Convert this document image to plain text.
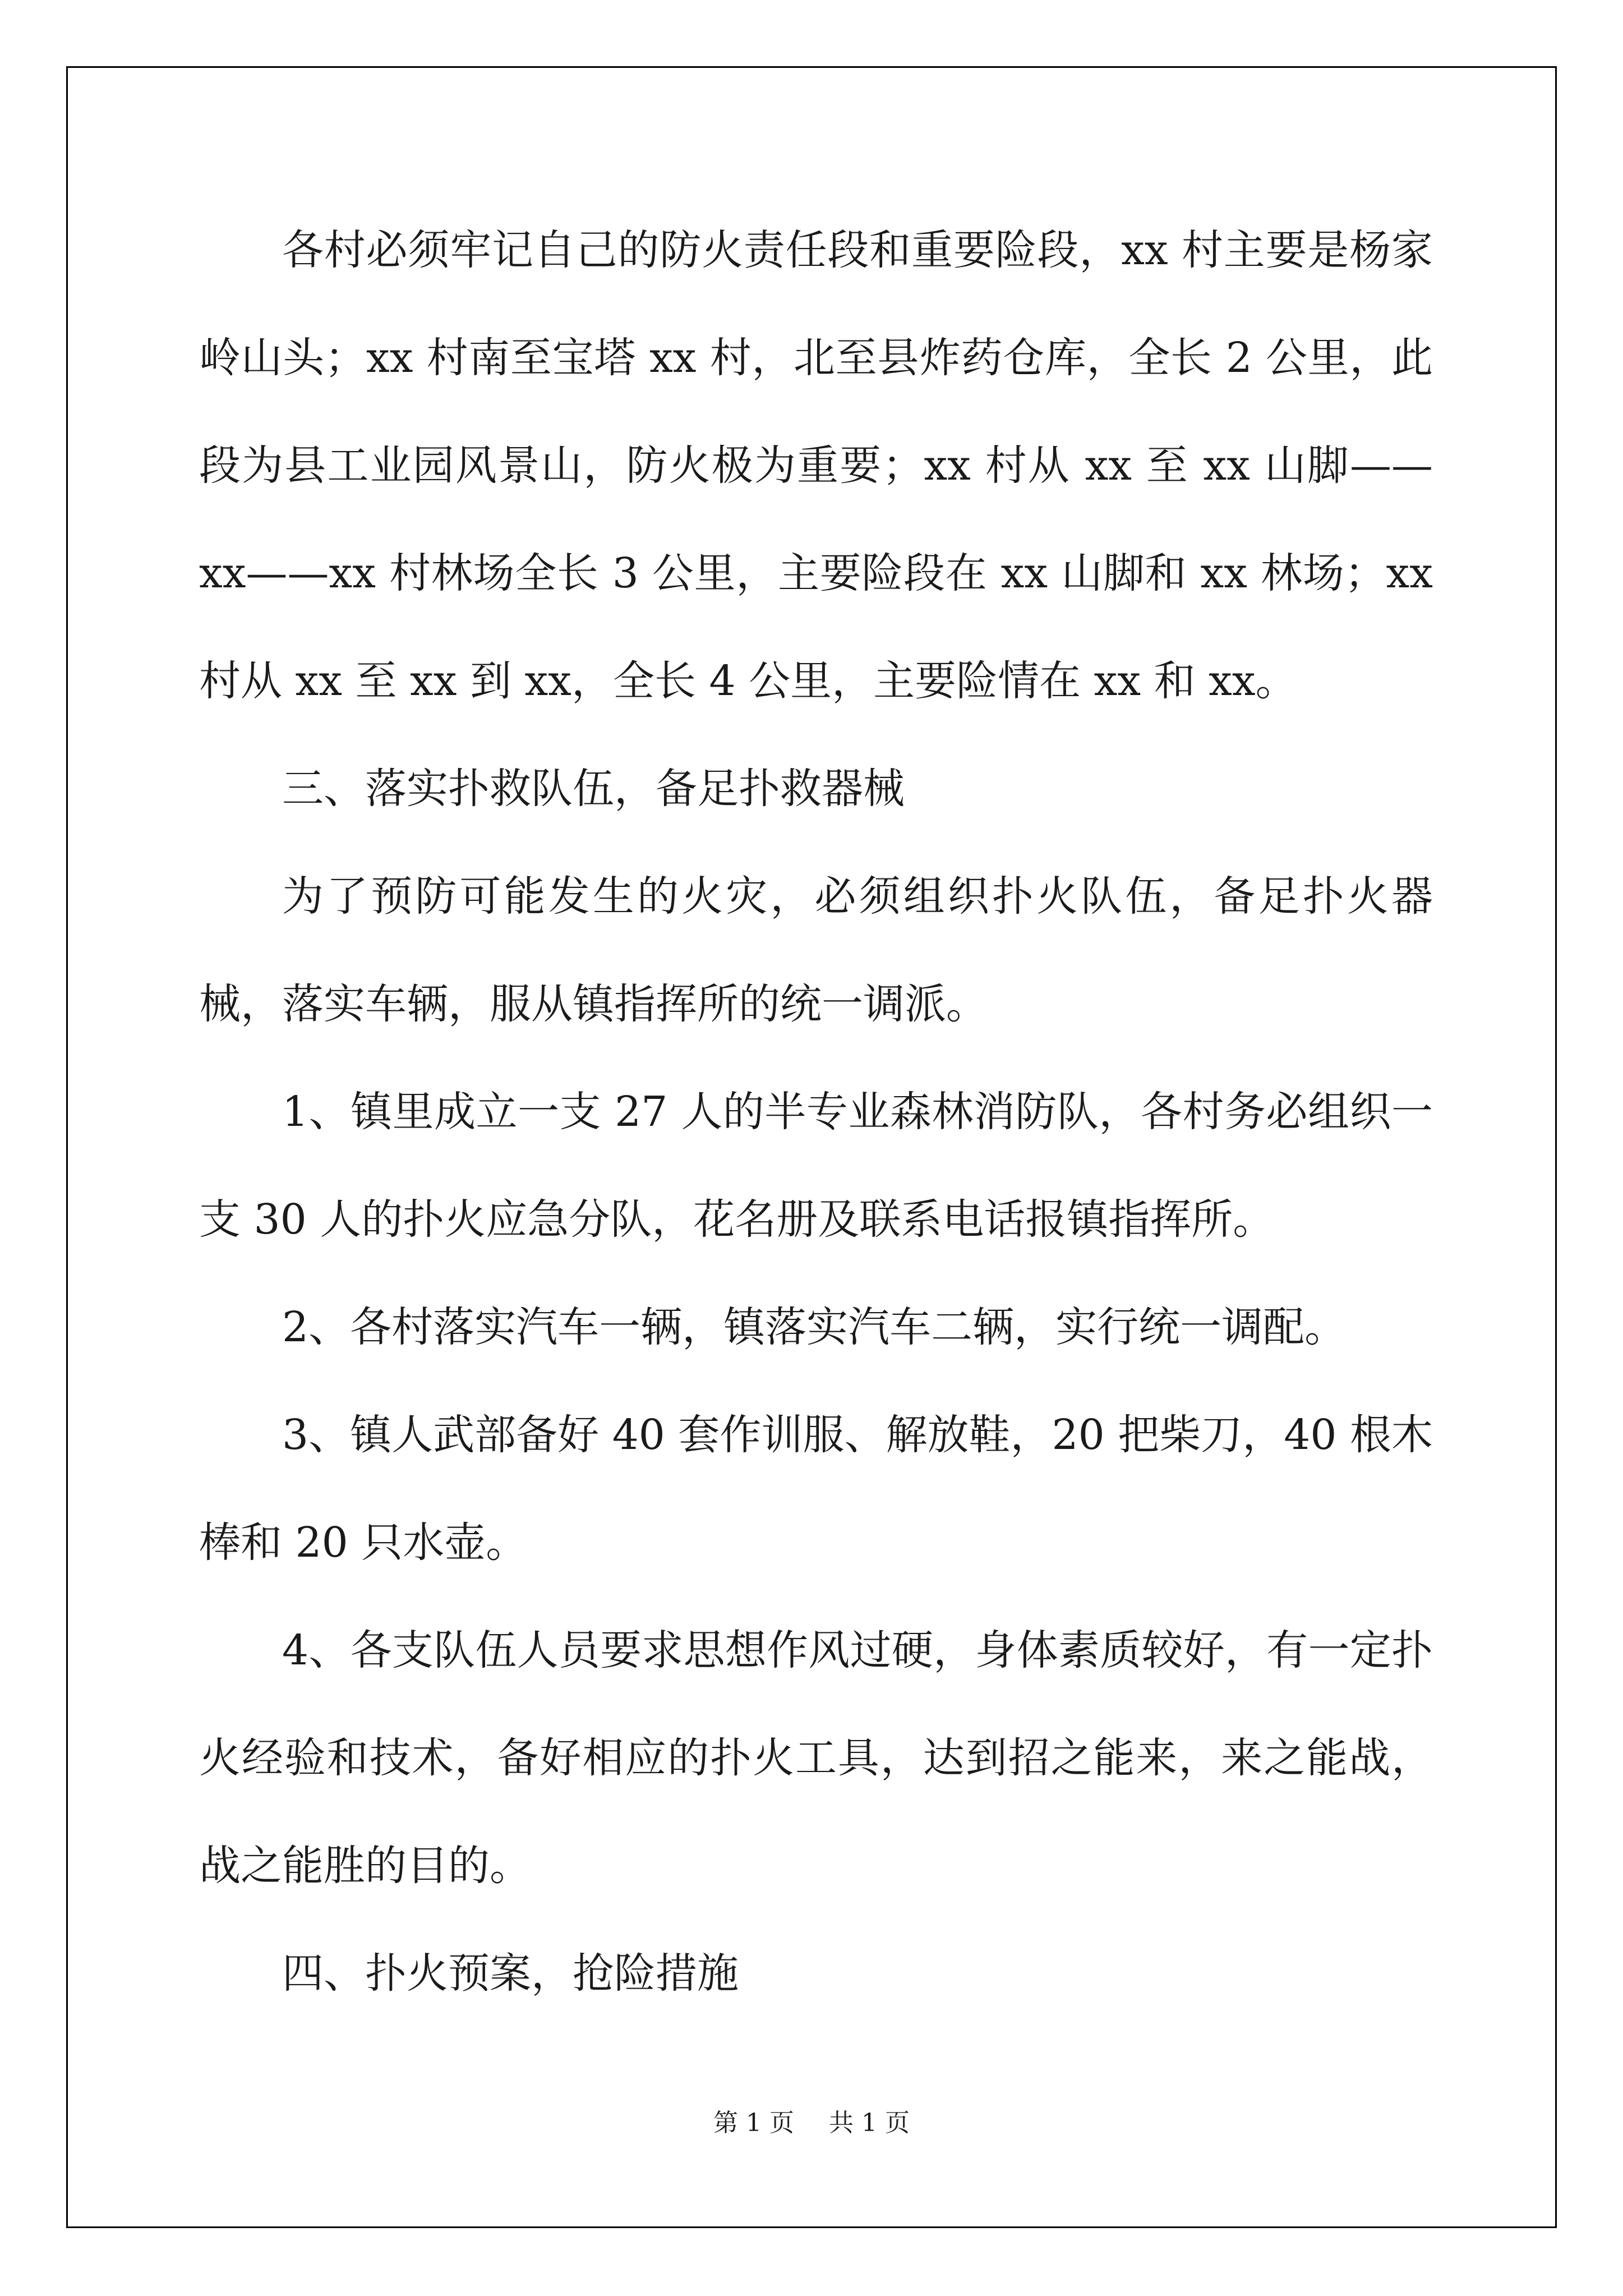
各村必须牢记自己的防火责任段和重要险段，xx 村主要是杨家岭山头；xx 村南至宝塔 xx 村，北至县炸药仓库，全长 2 公里，此段为县工业园风景山，防火极为重要；xx 村从 xx 至 xx 山脚——xx——xx 村林场全长 3 公里，主要险段在 xx 山脚和 xx 林场；xx 村从 xx 至 xx 到 xx，全长 4 公里，主要险情在 xx 和 xx。

三、落实扑救队伍，备足扑救器械

为了预防可能发生的火灾，必须组织扑火队伍，备足扑火器械，落实车辆，服从镇指挥所的统一调派。

1、镇里成立一支 27 人的半专业森林消防队，各村务必组织一支 30 人的扑火应急分队，花名册及联系电话报镇指挥所。

2、各村落实汽车一辆，镇落实汽车二辆，实行统一调配。

3、镇人武部备好 40 套作训服、解放鞋，20 把柴刀，40 根木棒和 20 只水壶。

4、各支队伍人员要求思想作风过硬，身体素质较好，有一定扑火经验和技术，备好相应的扑火工具，达到招之能来，来之能战，战之能胜的目的。

四、扑火预案，抢险措施

第 1 页 共 1 页
